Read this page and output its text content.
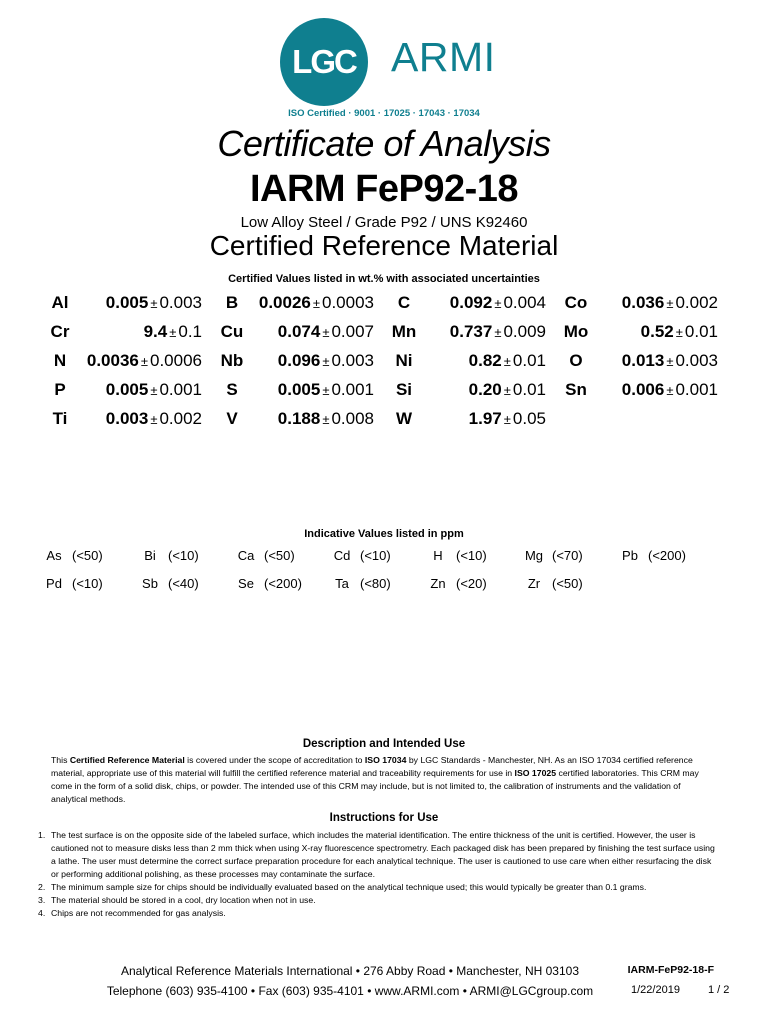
LGC ARMI
ISO Certified · 9001 · 17025 · 17043 · 17034
Certificate of Analysis
IARM FeP92-18
Low Alloy Steel / Grade P92 / UNS K92460
Certified Reference Material
Certified Values listed in wt.% with associated uncertainties
Al	0.005 ± 0.003	B	0.0026 ± 0.0003	C	0.092 ± 0.004	Co	0.036 ± 0.002
Cr	9.4 ± 0.1	Cu	0.074 ± 0.007	Mn	0.737 ± 0.009	Mo	0.52 ± 0.01
N	0.0036 ± 0.0006	Nb	0.096 ± 0.003	Ni	0.82 ± 0.01	O	0.013 ± 0.003
P	0.005 ± 0.001	S	0.005 ± 0.001	Si	0.20 ± 0.01	Sn	0.006 ± 0.001
Ti	0.003 ± 0.002	V	0.188 ± 0.008	W	1.97 ± 0.05
Indicative Values listed in ppm
As (<50)	Bi (<10)	Ca (<50)	Cd (<10)	H (<10)	Mg (<70)	Pb (<200)
Pd (<10)	Sb (<40)	Se (<200)	Ta (<80)	Zn (<20)	Zr (<50)
Description and Intended Use
This Certified Reference Material is covered under the scope of accreditation to ISO 17034 by LGC Standards - Manchester, NH. As an ISO 17034 certified reference material, appropriate use of this material will fulfill the certified reference material and traceability requirements for use in ISO 17025 certified laboratories. This CRM may come in the form of a solid disk, chips, or powder. The intended use of this CRM may include, but is not limited to, the calibration of instruments and the validation of analytical methods.
Instructions for Use
1. The test surface is on the opposite side of the labeled surface, which includes the material identification. The entire thickness of the unit is certified. However, the user is cautioned not to measure disks less than 2 mm thick when using X-ray fluorescence spectrometry. Each packaged disk has been prepared by finishing the test surface using a lathe. The user must determine the correct surface preparation procedure for each analytical technique. The user is cautioned to use care when either resurfacing the disk or performing additional polishing, as these processes may contaminate the surface.
2. The minimum sample size for chips should be individually evaluated based on the analytical technique used; this would typically be greater than 0.1 grams.
3. The material should be stored in a cool, dry location when not in use.
4. Chips are not recommended for gas analysis.
Analytical Reference Materials International • 276 Abby Road • Manchester, NH 03103
Telephone (603) 935-4100 • Fax (603) 935-4101 • www.ARMI.com • ARMI@LGCgroup.com
IARM-FeP92-18-F
1/22/2019	1 / 2
